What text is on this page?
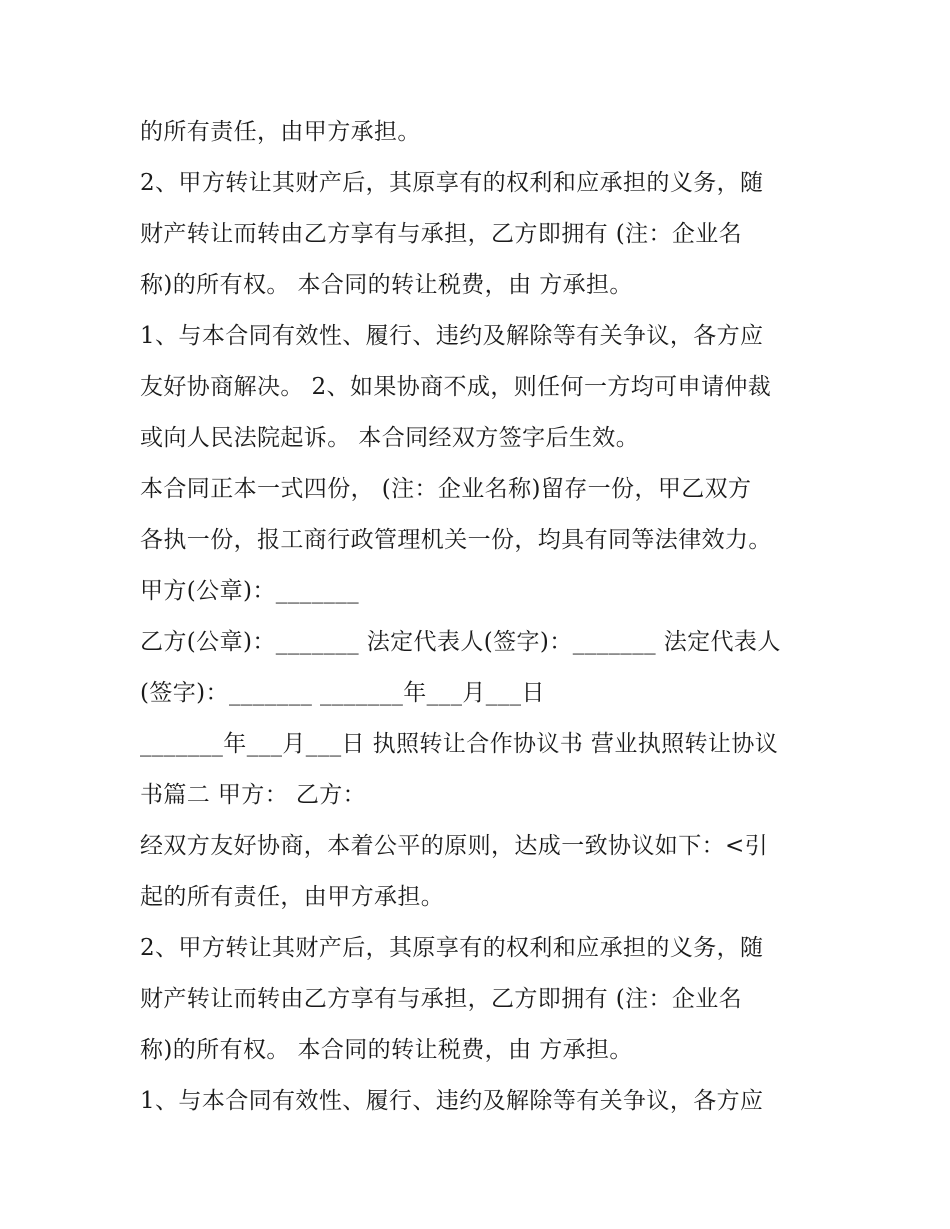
的所有责任，由甲方承担。
2、甲方转让其财产后，其原享有的权利和应承担的义务，随
财产转让而转由乙方享有与承担，乙方即拥有 (注：企业名
称)的所有权。 本合同的转让税费，由 方承担。
1、与本合同有效性、履行、违约及解除等有关争议，各方应
友好协商解决。 2、如果协商不成，则任何一方均可申请仲裁
或向人民法院起诉。 本合同经双方签字后生效。
本合同正本一式四份， (注：企业名称)留存一份，甲乙双方
各执一份，报工商行政管理机关一份，均具有同等法律效力。
甲方(公章)：_______
乙方(公章)：_______ 法定代表人(签字)：_______ 法定代表人
(签字)：_______ _______年___月___日
_______年___月___日 执照转让合作协议书 营业执照转让协议
书篇二 甲方： 乙方：
经双方友好协商，本着公平的原则，达成一致协议如下：<引
起的所有责任，由甲方承担。
2、甲方转让其财产后，其原享有的权利和应承担的义务，随
财产转让而转由乙方享有与承担，乙方即拥有 (注：企业名
称)的所有权。 本合同的转让税费，由 方承担。
1、与本合同有效性、履行、违约及解除等有关争议，各方应
